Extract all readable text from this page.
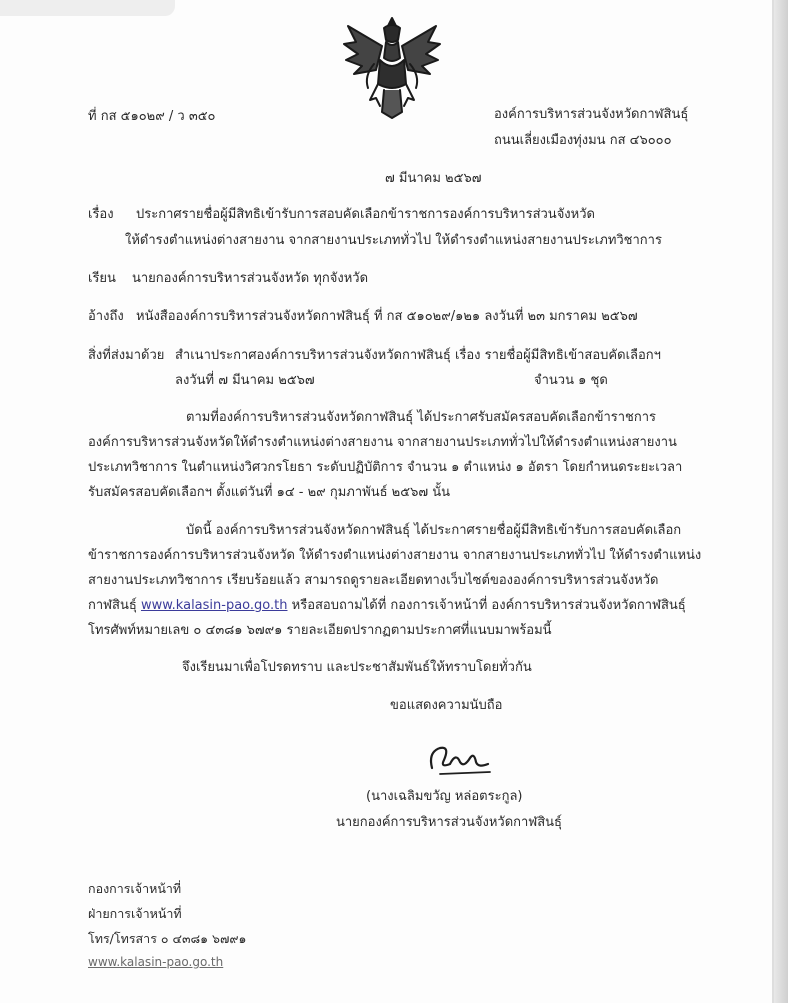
ที่ กส ๕๑๐๒๙ / ว ๓๕๐	องค์การบริหารส่วนจังหวัดกาฬสินธุ์
ถนนเลี่ยงเมืองทุ่งมน กส ๔๖๐๐๐
๗ มีนาคม ๒๕๖๗
เรื่อง ประกาศรายชื่อผู้มีสิทธิเข้ารับการสอบคัดเลือกข้าราชการองค์การบริหารส่วนจังหวัด
ให้ดำรงตำแหน่งต่างสายงาน จากสายงานประเภททั่วไป ให้ดำรงตำแหน่งสายงานประเภทวิชาการ
เรียน นายกองค์การบริหารส่วนจังหวัด ทุกจังหวัด
อ้างถึง หนังสือองค์การบริหารส่วนจังหวัดกาฬสินธุ์ ที่ กส ๕๑๐๒๙/๑๒๑ ลงวันที่ ๒๓ มกราคม ๒๕๖๗
สิ่งที่ส่งมาด้วย สำเนาประกาศองค์การบริหารส่วนจังหวัดกาฬสินธุ์ เรื่อง รายชื่อผู้มีสิทธิเข้าสอบคัดเลือกฯ
ลงวันที่ ๗ มีนาคม ๒๕๖๗	จำนวน ๑ ชุด
ตามที่องค์การบริหารส่วนจังหวัดกาฬสินธุ์ ได้ประกาศรับสมัครสอบคัดเลือกข้าราชการ
องค์การบริหารส่วนจังหวัดให้ดำรงตำแหน่งต่างสายงาน จากสายงานประเภททั่วไปให้ดำรงตำแหน่งสายงาน
ประเภทวิชาการ ในตำแหน่งวิศวกรโยธา ระดับปฏิบัติการ จำนวน ๑ ตำแหน่ง ๑ อัตรา โดยกำหนดระยะเวลา
รับสมัครสอบคัดเลือกฯ ตั้งแต่วันที่ ๑๔ - ๒๙ กุมภาพันธ์ ๒๕๖๗ นั้น
บัดนี้ องค์การบริหารส่วนจังหวัดกาฬสินธุ์ ได้ประกาศรายชื่อผู้มีสิทธิเข้ารับการสอบคัดเลือก
ข้าราชการองค์การบริหารส่วนจังหวัด ให้ดำรงตำแหน่งต่างสายงาน จากสายงานประเภททั่วไป ให้ดำรงตำแหน่ง
สายงานประเภทวิชาการ เรียบร้อยแล้ว สามารถดูรายละเอียดทางเว็บไซต์ขององค์การบริหารส่วนจังหวัด
กาฬสินธุ์ www.kalasin-pao.go.th หรือสอบถามได้ที่ กองการเจ้าหน้าที่ องค์การบริหารส่วนจังหวัดกาฬสินธุ์
โทรศัพท์หมายเลข ๐ ๔๓๘๑ ๖๗๙๑ รายละเอียดปรากฏตามประกาศที่แนบมาพร้อมนี้
จึงเรียนมาเพื่อโปรดทราบ และประชาสัมพันธ์ให้ทราบโดยทั่วกัน
ขอแสดงความนับถือ
(นางเฉลิมขวัญ หล่อตระกูล)
นายกองค์การบริหารส่วนจังหวัดกาฬสินธุ์
กองการเจ้าหน้าที่
ฝ่ายการเจ้าหน้าที่
โทร/โทรสาร ๐ ๔๓๘๑ ๖๗๙๑
www.kalasin-pao.go.th
